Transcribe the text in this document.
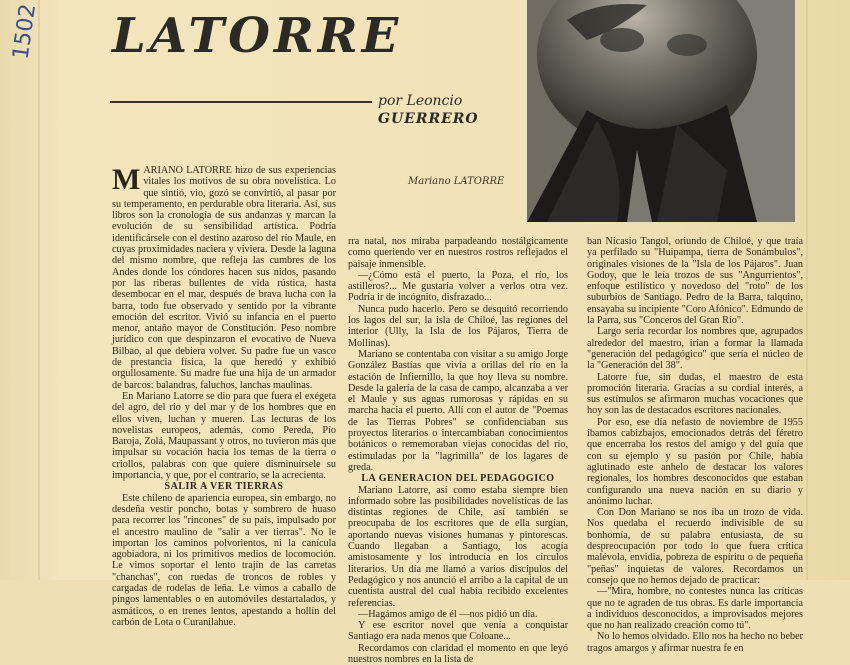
1502	LATORRE
por Leoncio
GUERRERO
Mariano LATORRE

MARIANO LATORRE hizo de sus experiencias vitales los motivos de su obra novelística. Lo que sintió, vio, gozó se convirtió, al pasar por su temperamento, en perdurable obra literaria. Así, sus libros son la cronología de sus andanzas y marcan la evolución de su sensibilidad artística. Podría identificársele con el destino azaroso del río Maule, en cuyas proximidades naciera y viviera. Desde la laguna del mismo nombre, que refleja las cumbres de los Andes donde los cóndores hacen sus nidos, pasando por las riberas bullentes de vida rústica, hasta desembocar en el mar, después de brava lucha con la barra, todo fue observado y sentido por la vibrante emoción del escritor. Vivió su infancia en el puerto menor, antaño mayor de Constitución. Peso nombre jurídico con que despinzaron el evocativo de Nueva Bilbao, al que debiera volver. Su padre fue un vasco de prestancia física, la que heredó y exhibió orgullosamente. Su madre fue una hija de un armador de barcos: balandras, faluchos, lanchas maulinas.

En Mariano Latorre se dio para que fuera el exégeta del agro, del río y del mar y de los hombres que en ellos viven, luchan y mueren. Las lecturas de los novelistas europeos, además, como Pereda, Pío Baroja, Zolá, Maupassant y otros, no tuvieron más que impulsar su vocación hacia los temas de la tierra o criollos, palabras con que quiere disminuírsele su importancia, y que, por el contrario, se la acrecienta.

SALIR A VER TIERRAS

Este chileno de apariencia europea, sin embargo, no desdeña vestir poncho, botas y sombrero de huaso para recorrer los "rincones" de su país, impulsado por el ancestro maulino de "salir a ver tierras". No le importan los caminos polvorientos, ni la canícula agobiadora, ni los primitivos medios de locomoción. Le vimos soportar el lento trajín de las carretas "chanchas", con ruedas de troncos de robles y cargadas de rodelas de leña. Le vimos a caballo de pingos lamentables o en automóviles destartalados, y asmáticos, o en trenes lentos, apestando a hollín del carbón de Lota o Curanilahue.

rra natal, nos miraba parpadeando nostálgicamente como queriendo ver en nuestros rostros reflejados el paisaje inmensible.

—¿Cómo está el puerto, la Poza, el río, los astilleros?... Me gustaría volver a verlos otra vez. Podría ir de incógnito, disfrazado...

Nunca pudo hacerlo. Pero se desquitó recorriendo los lagos del sur, la isla de Chiloé, las regiones del interior (Ully, la Isla de los Pájaros, Tierra de Mollinas).

Mariano se contentaba con visitar a su amigo Jorge González Bastías que vivía a orillas del río en la estación de Infiernillo, la que hoy lleva su nombre. Desde la galería de la casa de campo, alcanzaba a ver el Maule y sus aguas rumorosas y rápidas en su marcha hacia el puerto. Allí con el autor de "Poemas de las Tierras Pobres" se confidenciaban sus proyectos literarios o intercambiaban conocimientos botánicos o rememoraban viejas conocidas del río, estimuladas por la "lagrimilla" de los lagares de greda.

LA GENERACION DEL PEDAGOGICO

Mariano Latorre, así como estaba siempre bien informado sobre las posibilidades novelísticas de las distintas regiones de Chile, así también se preocupaba de los escritores que de ella surgían, aportando nuevas visiones humanas y pintorescas. Cuando llegaban a Santiago, los acogía amistosamente y los introducía en los círculos literarios. Un día me llamó a varios discípulos del Pedagógico y nos anunció el arribo a la capital de un cuentista austral del cual había recibido excelentes referencias.

—Hagámos amigo de él —nos pidió un día.

Y ese escritor novel que venía a conquistar Santiago era nada menos que Coloane...

Recordamos con claridad el momento en que leyó nuestros nombres en la lista de

ban Nicasio Tangol, oriundo de Chiloé, y que traía ya perfilado su "Huipampa, tierra de Sonámbulos", originales visiones de la "Isla de los Pájaros". Juan Godoy, que le leía trozos de sus "Angurrientos", enfoque estilístico y novedoso del "roto" de los suburbios de Santiago. Pedro de la Barra, talquino, ensayaba su incipiente "Coro Afónico". Edmundo de la Parra, sus "Conceros del Gran Río".

Largo sería recordar los nombres que, agrupados alrededor del maestro, irían a formar la llamada "generación del pedagógico" que sería el núcleo de la "Generación del 38".

Latorre fue, sin dudas, el maestro de esta promoción literaria. Gracias a su cordial interés, a sus estímulos se afirmaron muchas vocaciones que hoy son las de destacados escritores nacionales.

Por eso, ese día nefasto de noviembre de 1955 íbamos cabizbajos, emocionados detrás del féretro que encerraba los restos del amigo y del guía que con su ejemplo y su pasión por Chile, había aglutinado este anhelo de destacar los valores regionales, los hombres desconocidos que estaban configurando una nueva nación en su diario y anónimo luchar.

Con Don Mariano se nos iba un trozo de vida. Nos quedaba el recuerdo indivisible de su bonhomía, de su palabra entusiasta, de su despreocupación por todo lo que fuera crítica malévola, envidia, pobreza de espíritu o de pequeña "peñas" inquietas de valores. Recordamos un consejo que no hemos dejado de practicar:

—"Mira, hombre, no contestes nunca las críticas que no te agraden de tus obras. Es darle importancia a individuos desconocidos, a improvisados mejores que no han realizado creación como tú".

No lo hemos olvidado. Ello nos ha hecho no beber tragos amargos y afirmar nuestra fe en
